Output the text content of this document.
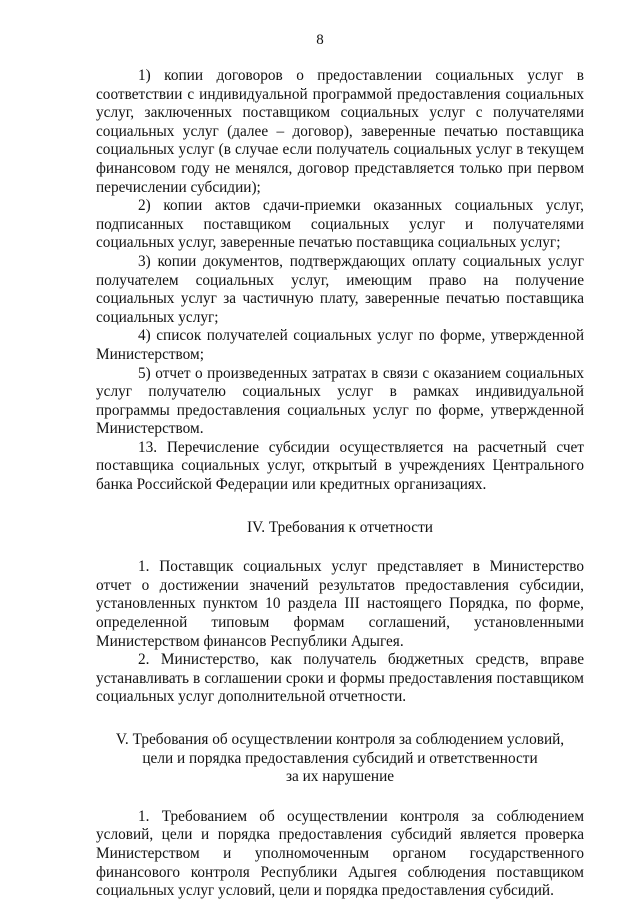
8

1) копии договоров о предоставлении социальных услуг в соответствии с индивидуальной программой предоставления социальных услуг, заключенных поставщиком социальных услуг с получателями социальных услуг (далее – договор), заверенные печатью поставщика социальных услуг (в случае если получатель социальных услуг в текущем финансовом году не менялся, договор представляется только при первом перечислении субсидии);

2) копии актов сдачи-приемки оказанных социальных услуг, подписанных поставщиком социальных услуг и получателями социальных услуг, заверенные печатью поставщика социальных услуг;

3) копии документов, подтверждающих оплату социальных услуг получателем социальных услуг, имеющим право на получение социальных услуг за частичную плату, заверенные печатью поставщика социальных услуг;

4) список получателей социальных услуг по форме, утвержденной Министерством;

5) отчет о произведенных затратах в связи с оказанием социальных услуг получателю социальных услуг в рамках индивидуальной программы предоставления социальных услуг по форме, утвержденной Министерством.

13. Перечисление субсидии осуществляется на расчетный счет поставщика социальных услуг, открытый в учреждениях Центрального банка Российской Федерации или кредитных организациях.

IV. Требования к отчетности

1. Поставщик социальных услуг представляет в Министерство отчет о достижении значений результатов предоставления субсидии, установленных пунктом 10 раздела III настоящего Порядка, по форме, определенной типовым формам соглашений, установленными Министерством финансов Республики Адыгея.

2. Министерство, как получатель бюджетных средств, вправе устанавливать в соглашении сроки и формы предоставления поставщиком социальных услуг дополнительной отчетности.

V. Требования об осуществлении контроля за соблюдением условий,

цели и порядка предоставления субсидий и ответственности

за их нарушение

1. Требованием об осуществлении контроля за соблюдением условий, цели и порядка предоставления субсидий является проверка Министерством и уполномоченным органом государственного финансового контроля Республики Адыгея соблюдения поставщиком социальных услуг условий, цели и порядка предоставления субсидий.
